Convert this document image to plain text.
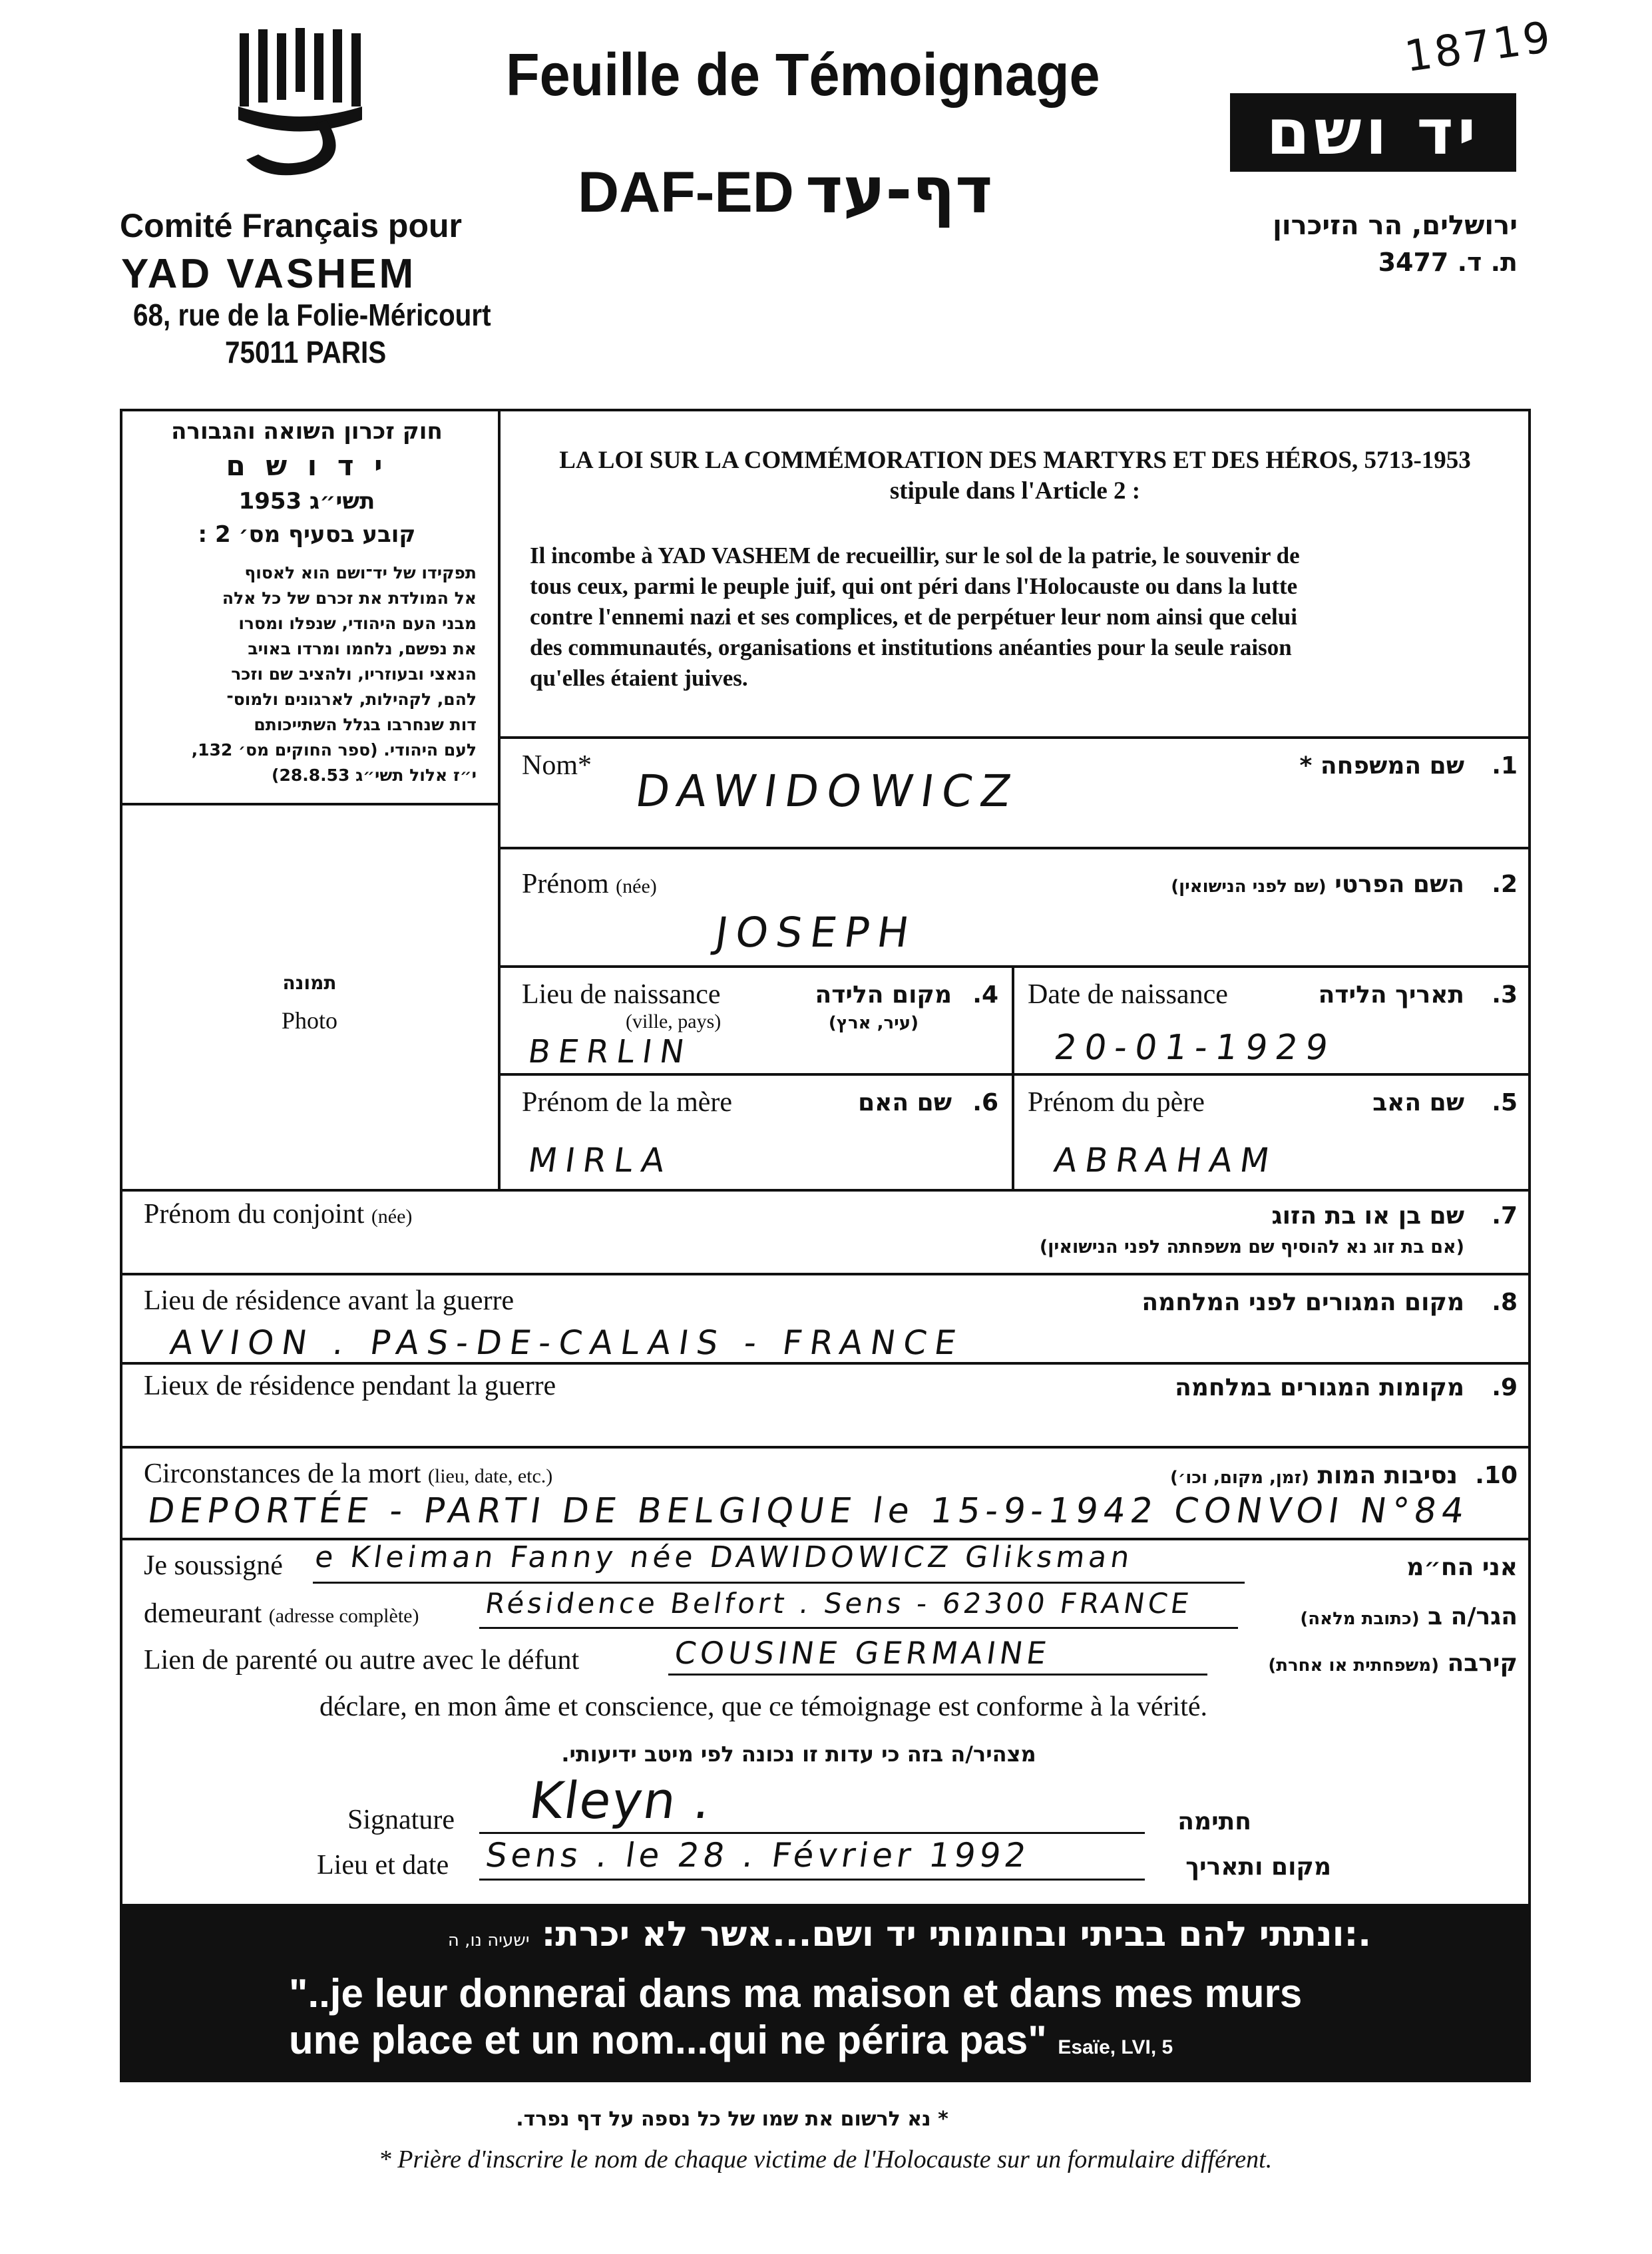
Comité Français pour
YAD VASHEM
68, rue de la Folie-Méricourt
75011 PARIS
Feuille de Témoignage
DAF-ED דף-עד
18719
יד ושם
ירושלים, הר הזיכרון
ת. ד. 3477
חוק זכרון השואה והגבורה
י ד ו ש ם
תשי״ג 1953
קובע בסעיף מס׳ 2 :
תפקידו של יד־ושם הוא לאסוף
אל המולדת את זכרם של כל אלה
מבני העם היהודי, שנפלו ומסרו
את נפשם, נלחמו ומרדו באויב
הנאצי ובעוזריו, ולהציב שם וזכר
להם, לקהילות, לארגונים ולמוס־
דות שנחרבו בגלל השתייכותם
לעם היהודי. (ספר החוקים מס׳ 132,
י״ז אלול תשי״ג 28.8.53)
תמונה
Photo
LA LOI SUR LA COMMÉMORATION DES MARTYRS ET DES HÉROS, 5713-1953
stipule dans l'Article 2 :
Il incombe à YAD VASHEM de recueillir, sur le sol de la patrie, le souvenir de
tous ceux, parmi le peuple juif, qui ont péri dans l'Holocauste ou dans la lutte
contre l'ennemi nazi et ses complices, et de perpétuer leur nom ainsi que celui
des communautés, organisations et institutions anéanties pour la seule raison
qu'elles étaient juives.
Nom*	שם המשפחה *	.1
DAWIDOWICZ
Prénom (née)	השם הפרטי (שם לפני הנישואין)	.2
JOSEPH
Lieu de naissance
(ville, pays)
מקום הלידה
(עיר, ארץ)
.4
BERLIN
Date de naissance	תאריך הלידה	.3
20-01-1929
Prénom de la mère	שם האם .6
MIRLA
Prénom du père	שם האב	.5
ABRAHAM
Prénom du conjoint (née)	שם בן או בת הזוג	.7
(אם בת זוג נא להוסיף שם משפחתה לפני הנישואין)
Lieu de résidence avant la guerre	מקום המגורים לפני המלחמה	.8
AVION . PAS-DE-CALAIS - FRANCE
Lieux de résidence pendant la guerre	מקומות המגורים במלחמה	.9
Circonstances de la mort (lieu, date, etc.)	נסיבות המות (זמן, מקום, וכו׳)	.10
DEPORTÉE - PARTI DE BELGIQUE le 15-9-1942 CONVOI N°84
Je soussigné e Kleiman Fanny née DAWIDOWICZ Gliksman	אני הח״מ
demeurant (adresse complète) Résidence Belfort . Sens - 62300 FRANCE	הגר/ה ב (כתובת מלאה)
Lien de parenté ou autre avec le défunt	COUSINE GERMAINE	קירבה (משפחתית או אחרת)
déclare, en mon âme et conscience, que ce témoignage est conforme à la vérité.
מצהיר/ה בזה כי עדות זו נכונה לפי מיטב ידיעותי.
Signature Kleyn .	חתימה
Lieu et date Sens . le 28 . Février 1992	מקום ותאריך
.:ונתתי להם בביתי ובחומותי יד ושם...אשר לא יכרת: ישעיה נו, ה
"..je leur donnerai dans ma maison et dans mes murs
une place et un nom...qui ne périra pas" Esaïe, LVI, 5
* נא לרשום את שמו של כל נספה על דף נפרד.
* Prière d'inscrire le nom de chaque victime de l'Holocauste sur un formulaire différent.
